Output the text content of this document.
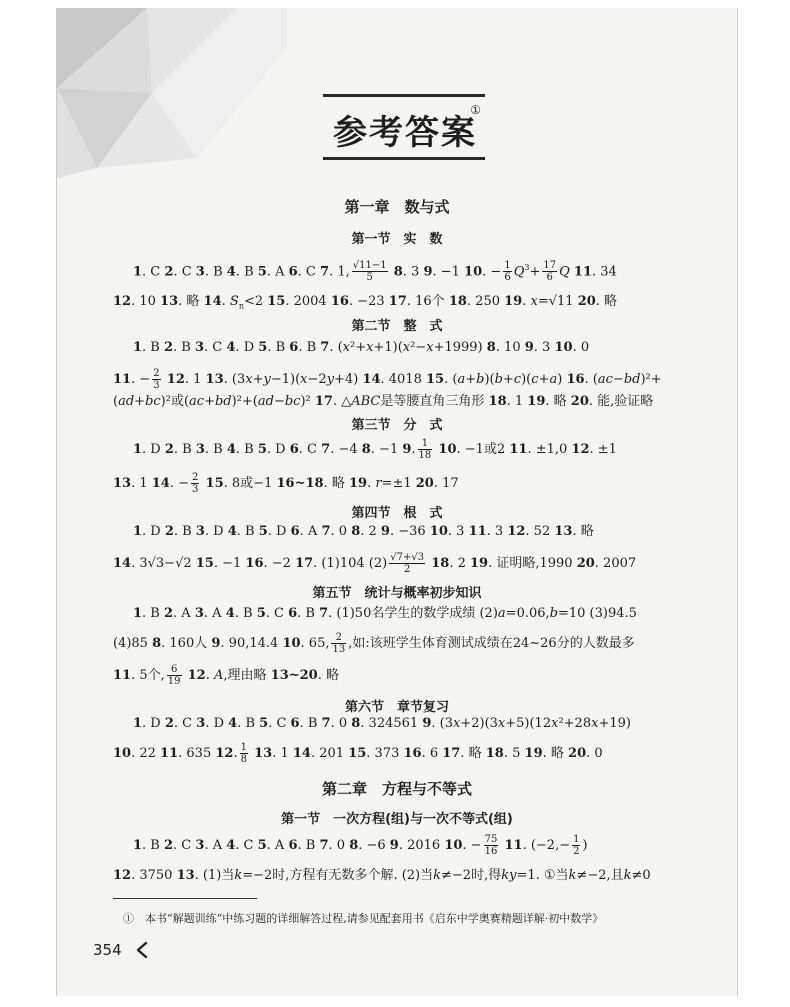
参考答案
①
第一章　数与式
第一节　实　数
1. C 2. C 3. B 4. B 5. A 6. C 7. 1, $\frac{√11-1}{5} 8$. 3 9. −1 10. − $\frac{1}{6} Q^3+ \frac{17}{6}$ Q 11. 34
12. 10 13. 略 14. $S_n<2$ 15. 2004 16. −23 17. 16个 18. 250 19. x=√11 20. 略
第二节　整　式
1. B 2. B 3. C 4. D 5. B 6. B 7. (x²+x+1)(x²−x+1999) 8. 10 9. 3 10. 0
11. − $\frac{2}{3} 12$. 1 13. (3x+y−1)(x−2y+4) 14. 4018 15. (a+b)(b+c)(c+a) 16. (ac−bd)²+
(ad+bc)²或(ac+bd)²+(ad−bc)² 17. △ABC是等腰直角三角形 18. 1 19. 略 20. 能,验证略
第三节　分　式
1. D 2. B 3. B 4. B 5. D 6. C 7. −4 8. −1 9. $\frac{1}{18} 10$. −1或2 11. ±1,0 12. ±1
13. 1 14. − $\frac{2}{3} 15$. 8或−1 16~18. 略 19. r=±1 20. 17
第四节　根　式
1. D 2. B 3. D 4. B 5. D 6. A 7. 0 8. 2 9. −36 10. 3 11. 3 12. 52 13. 略
14. 3√3−√2 15. −1 16. −2 17. (1)104 $(2) \frac{√7+√3}{2} 18$. 2 19. 证明略,1990 20. 2007
第五节　统计与概率初步知识
1. B 2. A 3. A 4. B 5. C 6. B 7. (1)50名学生的数学成绩 (2)a=0.06,b=10 (3)94.5
(4)85 8. 160人 9. 90,14.4 10. 65, $\frac{2}{13}$ ,如:该班学生体育测试成绩在24~26分的人数最多
11. 5个, $\frac{6}{19} 12$. A,理由略 13~20. 略
第六节　章节复习
1. D 2. C 3. D 4. B 5. C 6. B 7. 0 8. 324561 9. (3x+2)(3x+5)(12x²+28x+19)
10. 22 11. 635 12. $\frac{1}{8} 13$. 1 14. 201 15. 373 16. 6 17. 略 18. 5 19. 略 20. 0
第二章　方程与不等式
第一节　一次方程(组)与一次不等式(组)
1. B 2. C 3. A 4. C 5. A 6. B 7. 0 8. −6 9. 2016 10. − $\frac{75}{16} 11$. ($-2,- \frac{1}{2}$ )
12. 3750 13. (1)当k=−2时,方程有无数多个解. (2)当k≠−2时,得ky=1. ①当k≠−2,且k≠0
①　本书“解题训练”中练习题的详细解答过程,请参见配套用书《启东中学奥赛精题详解·初中数学》
354
